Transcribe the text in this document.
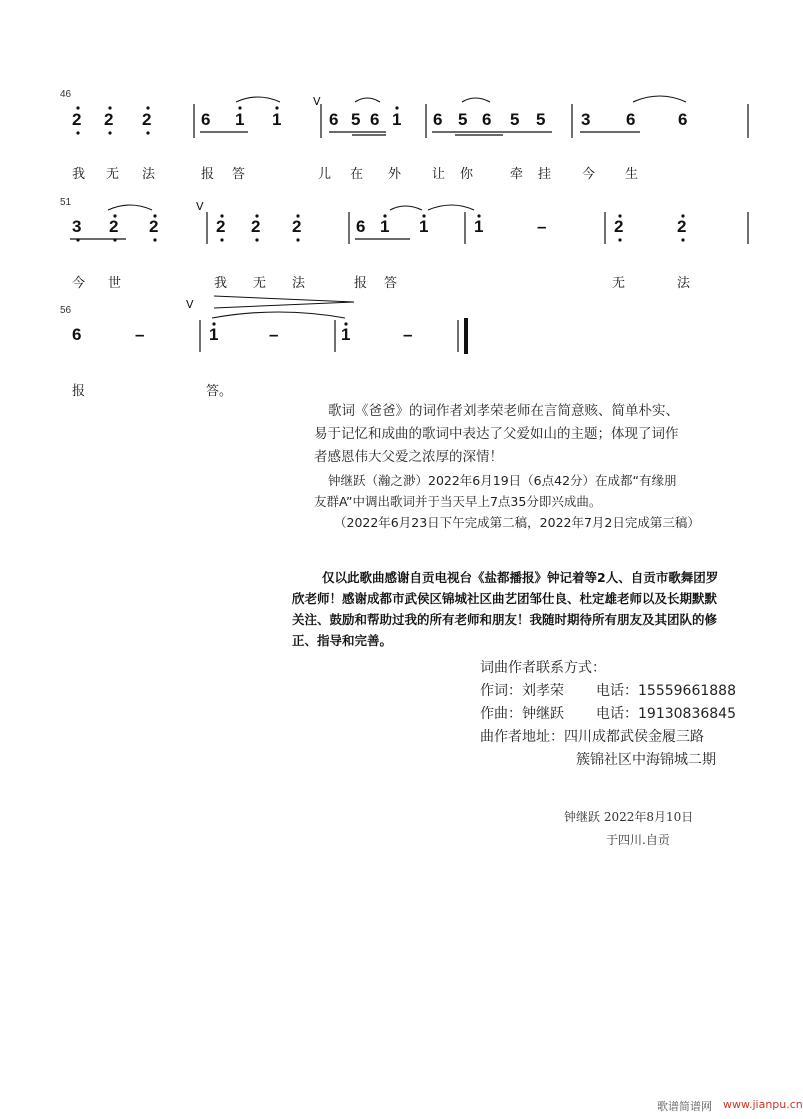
46
2 2 2	6 1 1
V
6 5 6 1 6 5 6 5 5 3 6	6
我 无 法	报 答	儿 在 外 让 你	牵 挂 今 生
51
3 2 2
V
2 2 2	6 1 1	1	–	2	2
今 世	我 无 法	报 答	无	法
56	V
6	–	1	–	1	–
报	答。
歌词《爸爸》的词作者刘孝荣老师在言简意赅、简单朴实、
易于记忆和成曲的歌词中表达了父爱如山的主题；体现了词作
者感恩伟大父爱之浓厚的深情！
钟继跃（瀚之渺）2022年6月19日（6点42分）在成都“有缘朋
友群A”中调出歌词并于当天早上7点35分即兴成曲。
（2022年6月23日下午完成第二稿，2022年7月2日完成第三稿）
仅以此歌曲感谢自贡电视台《盐都播报》钟记着等2人、自贡市歌舞团罗
欣老师！感谢成都市武侯区锦城社区曲艺团邹仕良、杜定雄老师以及长期默默
关注、鼓励和帮助过我的所有老师和朋友！我随时期待所有朋友及其团队的修
正、指导和完善。
词曲作者联系方式：
作词：刘孝荣 电话：15559661888
作曲：钟继跃 电话：19130836845
曲作者地址：四川成都武侯金履三路
簇锦社区中海锦城二期
钟继跃 2022年8月10日
于四川.自贡
歌谱简谱网 www.jianpu.cn
